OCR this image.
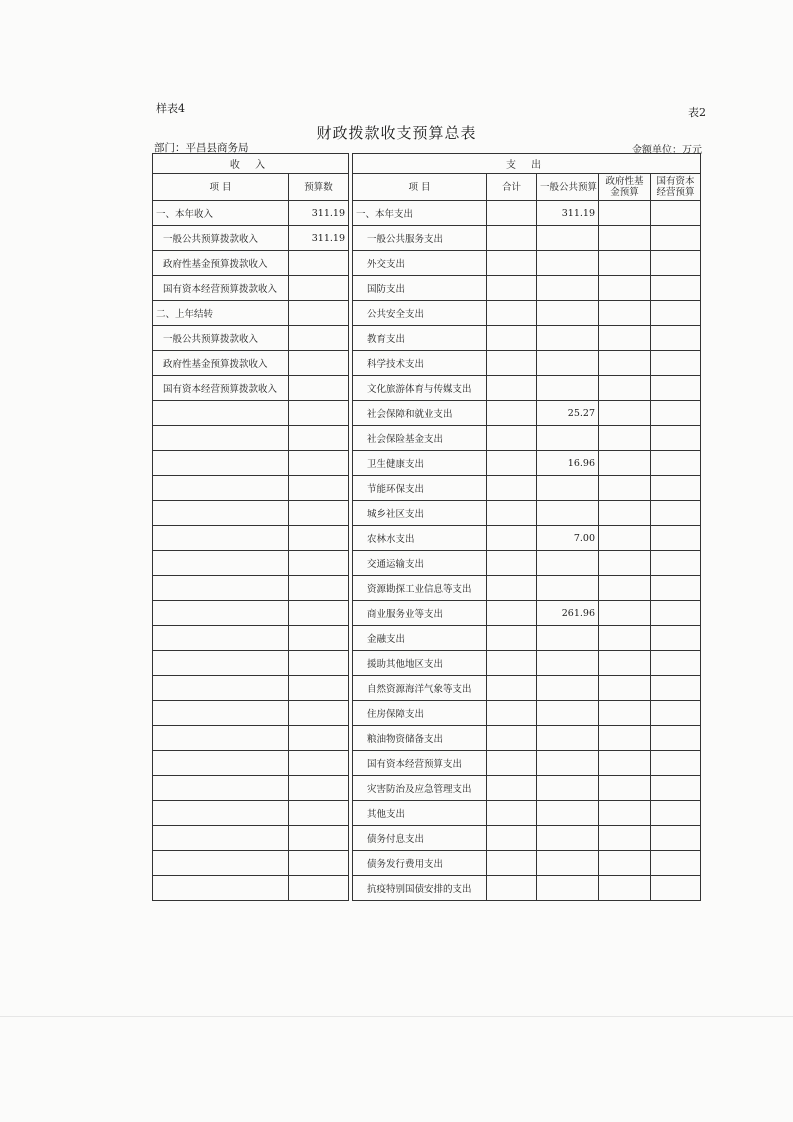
样表4	表2
财政拨款收支预算总表
部门：平昌县商务局	金额单位：万元
收 入			支 出				
项 目	预算数		项 目	合计	一般公共预算	政府性基金预算	国有资本经营预算
一、本年收入	311.19		一、本年支出		311.19		
一般公共预算拨款收入	311.19		一般公共服务支出				
政府性基金预算拨款收入			外交支出				
国有资本经营预算拨款收入			国防支出				
二、上年结转			公共安全支出				
一般公共预算拨款收入			教育支出				
政府性基金预算拨款收入			科学技术支出				
国有资本经营预算拨款收入			文化旅游体育与传媒支出				
			社会保障和就业支出		25.27		
			社会保险基金支出				
			卫生健康支出		16.96		
			节能环保支出				
			城乡社区支出				
			农林水支出		7.00		
			交通运输支出				
			资源勘探工业信息等支出				
			商业服务业等支出		261.96		
			金融支出				
			援助其他地区支出				
			自然资源海洋气象等支出				
			住房保障支出				
			粮油物资储备支出				
			国有资本经营预算支出				
			灾害防治及应急管理支出				
			其他支出				
			债务付息支出				
			债务发行费用支出				
			抗疫特别国债安排的支出				
